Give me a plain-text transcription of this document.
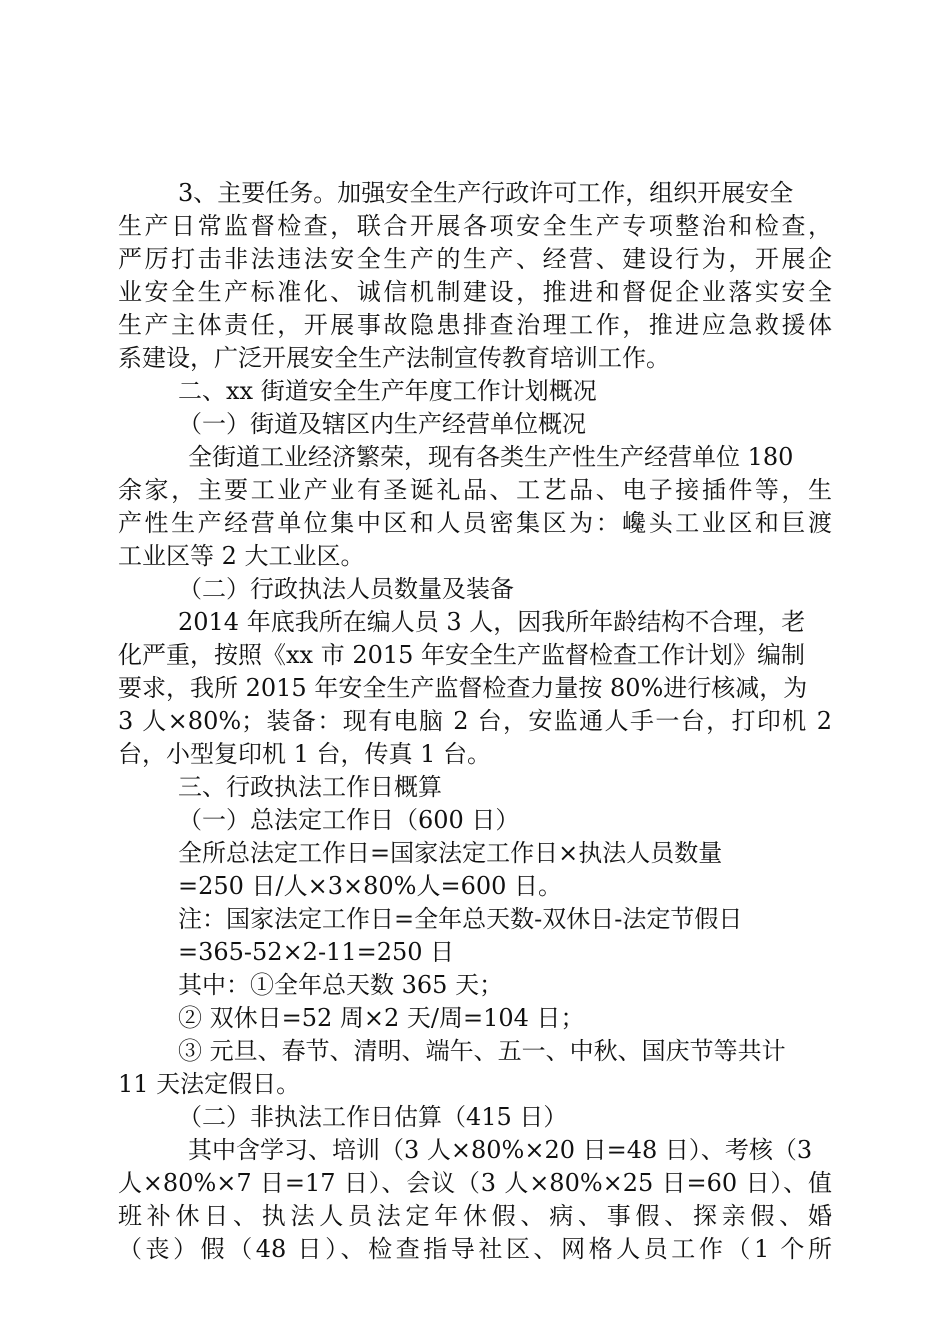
3、主要任务。加强安全生产行政许可工作，组织开展安全

生产日常监督检查，联合开展各项安全生产专项整治和检查，

严厉打击非法违法安全生产的生产、经营、建设行为，开展企

业安全生产标准化、诚信机制建设，推进和督促企业落实安全

生产主体责任，开展事故隐患排查治理工作，推进应急救援体

系建设，广泛开展安全生产法制宣传教育培训工作。

二、xx 街道安全生产年度工作计划概况

（一）街道及辖区内生产经营单位概况

全街道工业经济繁荣，现有各类生产性生产经营单位 180

余家，主要工业产业有圣诞礼品、工艺品、电子接插件等，生

产性生产经营单位集中区和人员密集区为：巉头工业区和巨渡

工业区等 2 大工业区。

（二）行政执法人员数量及装备

2014 年底我所在编人员 3 人，因我所年龄结构不合理，老

化严重，按照《xx 市 2015 年安全生产监督检查工作计划》编制

要求，我所 2015 年安全生产监督检查力量按 80%进行核减，为

3 人×80%；装备：现有电脑 2 台，安监通人手一台，打印机 2

台，小型复印机 1 台，传真 1 台。

三、行政执法工作日概算

（一）总法定工作日（600 日）

全所总法定工作日=国家法定工作日×执法人员数量

=250 日/人×3×80%人=600 日。

注：国家法定工作日=全年总天数-双休日-法定节假日

=365-52×2-11=250 日

其中：①全年总天数 365 天；

② 双休日=52 周×2 天/周=104 日；

③ 元旦、春节、清明、端午、五一、中秋、国庆节等共计

11 天法定假日。

（二）非执法工作日估算（415 日）

其中含学习、培训（3 人×80%×20 日=48 日）、考核（3

人×80%×7 日=17 日）、会议（3 人×80%×25 日=60 日）、值

班补休日、执法人员法定年休假、病、事假、探亲假、婚

（丧）假（48 日）、检查指导社区、网格人员工作（1 个所
